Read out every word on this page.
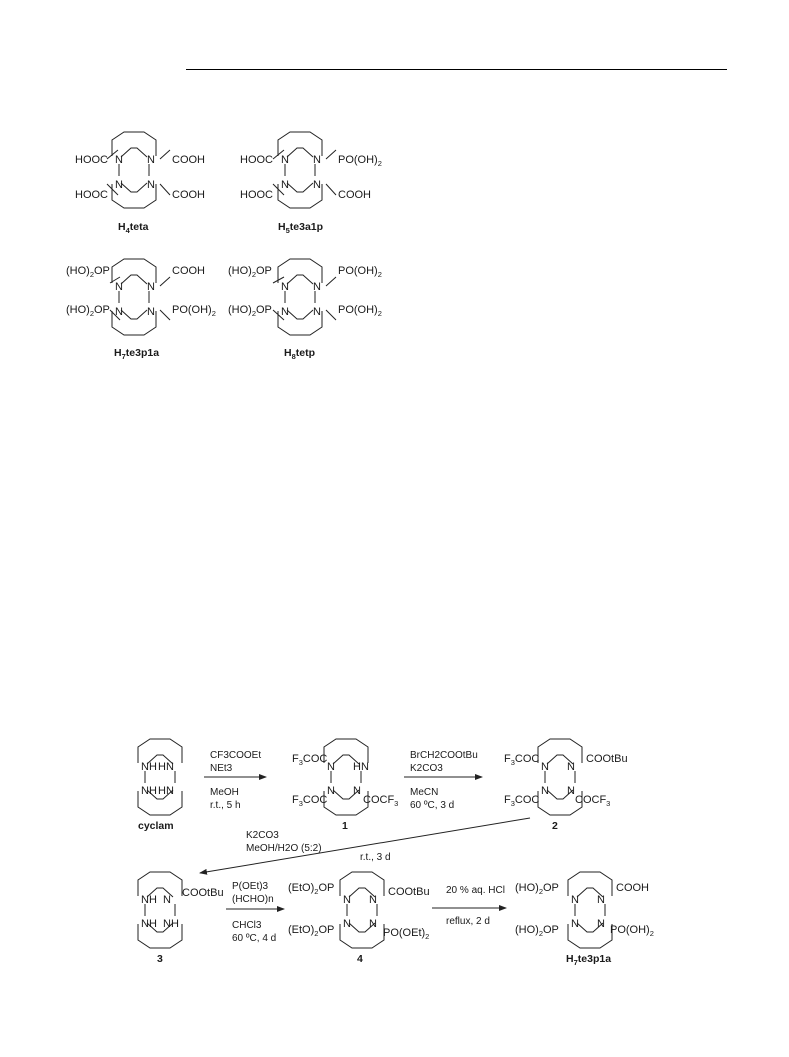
N N
N N
HOOC	COOH
HOOC	COOH
$H_4teta$
N N
N N
HOOC	$PO(OH)_2$
HOOC	COOH
$H_5te3a1p$
N N
N N
$(HO)_2OP$	COOH
$(HO)_2OP$	$PO(OH)_2$
$H_7te3p1a$
N N
N N
$(HO)_2OP$	$PO(OH)_2$
$(HO)_2OP$	$PO(OH)_2$
$H_8tetp$
NH HN
NH HN
cyclam
CF3COOEt
NEt3
MeOH
r.t., 5 h
N HN
N N
$F_3COC$
$F_3COC$	$COCF_3$
1
BrCH2COOtBu
K2CO3
MeCN
60 ºC, 3 d
N N
N N
$F_3COC$	COOtBu
$F_3COC$	$COCF_3$
2
K2CO3
MeOH/H2O (5:2)
r.t., 3 d
NH N
NH NH
COOtBu
3
P(OEt)3
(HCHO)n
CHCl3
60 ºC, 4 d
N N
N N
$(EtO)_2OP$	COOtBu
$(EtO)_2OP$	$PO(OEt)_2$
4
20 % aq. HCl
reflux, 2 d
N N
N N
$(HO)_2OP$	COOH
$(HO)_2OP$	$PO(OH)_2$
$H_7te3p1a$
